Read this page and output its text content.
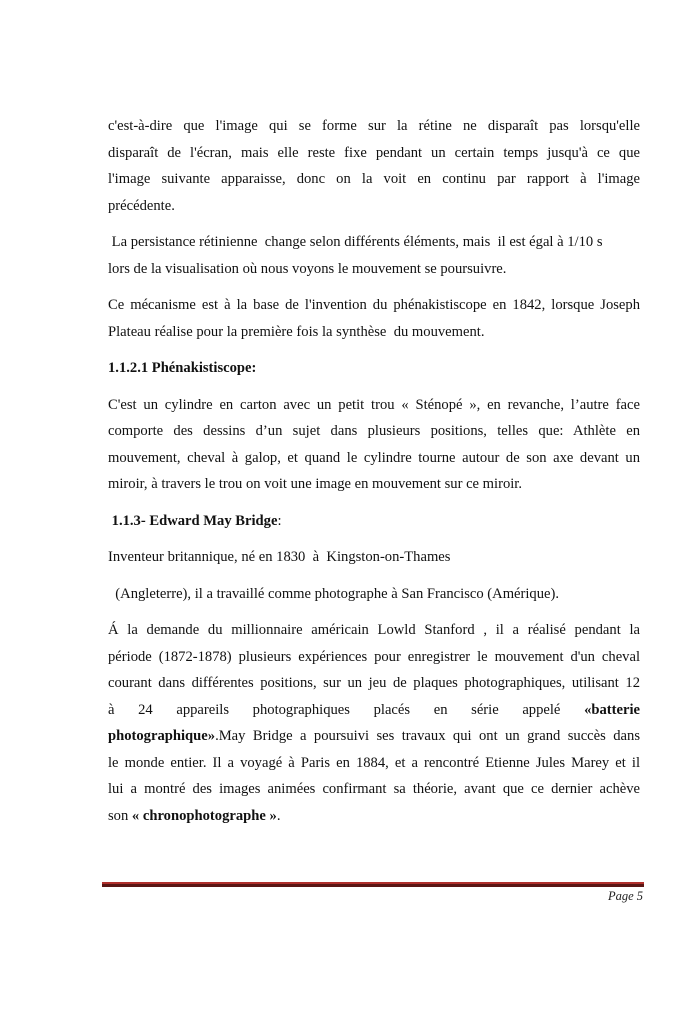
c'est-à-dire que l'image qui se forme sur la rétine ne disparaît pas lorsqu'elle
disparaît de l'écran, mais elle reste fixe pendant un certain temps jusqu'à ce que
l'image suivante apparaisse, donc on la voit en continu par rapport à l'image
précédente.
La persistance rétinienne  change selon différents éléments, mais  il est égal à 1/10 s
lors de la visualisation où nous voyons le mouvement se poursuivre.
Ce mécanisme est à la base de l'invention du phénakistiscope en 1842, lorsque Joseph
Plateau réalise pour la première fois la synthèse  du mouvement.
1.1.2.1 Phénakistiscope:
C'est un cylindre en carton avec un petit trou « Sténopé », en revanche, l’autre face
comporte des dessins d’un sujet dans plusieurs positions, telles que: Athlète en
mouvement, cheval à galop, et quand le cylindre tourne autour de son axe devant un
miroir, à travers le trou on voit une image en mouvement sur ce miroir.
1.1.3- Edward May Bridge:
Inventeur britannique, né en 1830  à  Kingston-on-Thames
(Angleterre), il a travaillé comme photographe à San Francisco (Amérique).
Á la demande du millionnaire américain Lowld Stanford , il a réalisé pendant la
période (1872-1878) plusieurs expériences pour enregistrer le mouvement d'un cheval
courant dans différentes positions, sur un jeu de plaques photographiques, utilisant 12
à 24 appareils photographiques placés en série appelé «batterie
photographique».May Bridge a poursuivi ses travaux qui ont un grand succès dans
le monde entier. Il a voyagé à Paris en 1884, et a rencontré Etienne Jules Marey et il
lui a montré des images animées confirmant sa théorie, avant que ce dernier achève
son « chronophotographe ».
Page 5
